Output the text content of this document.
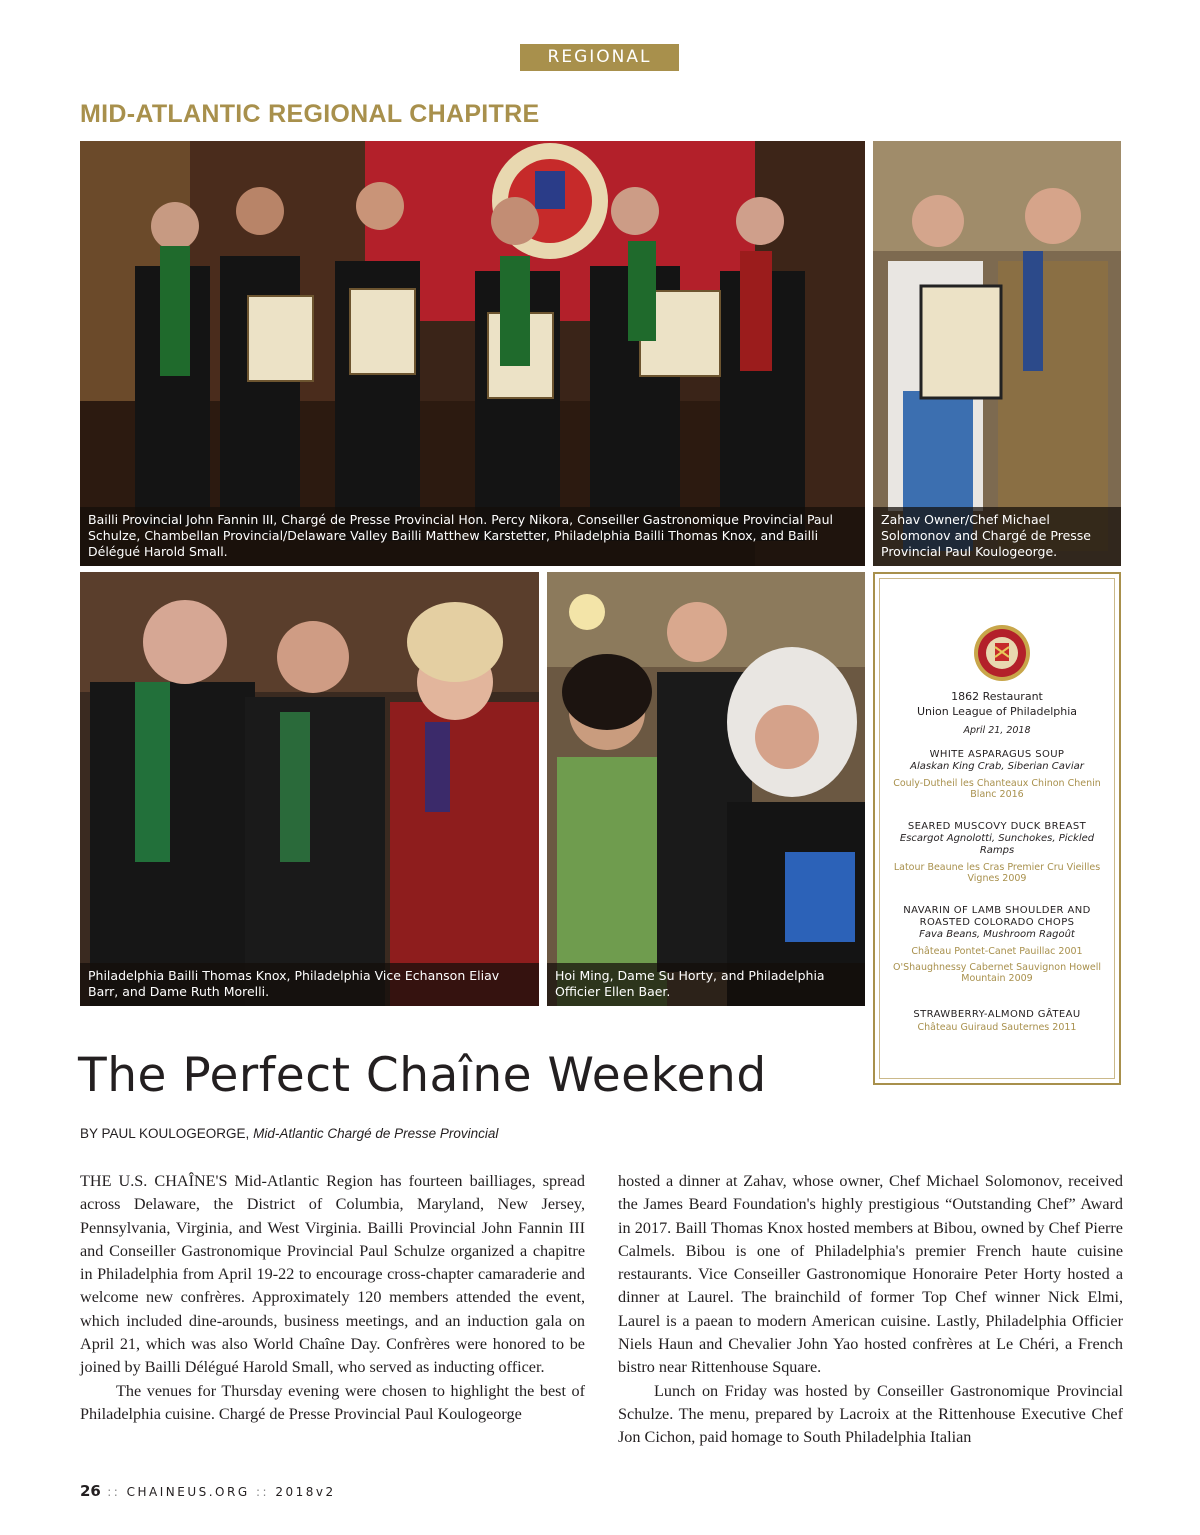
REGIONAL
MID-ATLANTIC REGIONAL CHAPITRE
Bailli Provincial John Fannin III, Chargé de Presse Provincial Hon. Percy Nikora, Conseiller Gastronomique Provincial Paul Schulze, Chambellan Provincial/Delaware Valley Bailli Matthew Karstetter, Philadelphia Bailli Thomas Knox, and Bailli Délégué Harold Small.
Zahav Owner/Chef Michael Solomonov and Chargé de Presse Provincial Paul Koulogeorge.
Philadelphia Bailli Thomas Knox, Philadelphia Vice Echanson Eliav Barr, and Dame Ruth Morelli.
Hoi Ming, Dame Su Horty, and Philadelphia Officier Ellen Baer.
1862 Restaurant
Union League of Philadelphia
April 21, 2018
WHITE ASPARAGUS SOUP
Alaskan King Crab, Siberian Caviar
Couly-Dutheil les Chanteaux Chinon Chenin Blanc 2016
SEARED MUSCOVY DUCK BREAST
Escargot Agnolotti, Sunchokes, Pickled Ramps
Latour Beaune les Cras Premier Cru Vieilles Vignes 2009
NAVARIN OF LAMB SHOULDER AND ROASTED COLORADO CHOPS
Fava Beans, Mushroom Ragoût
Château Pontet-Canet Pauillac 2001
O'Shaughnessy Cabernet Sauvignon Howell Mountain 2009
STRAWBERRY-ALMOND GÂTEAU
Château Guiraud Sauternes 2011
The Perfect Chaîne Weekend
BY PAUL KOULOGEORGE, Mid-Atlantic Chargé de Presse Provincial

THE U.S. CHAÎNE'S Mid-Atlantic Region has fourteen bailliages, spread across Delaware, the District of Columbia, Maryland, New Jersey, Pennsylvania, Virginia, and West Virginia. Bailli Provincial John Fannin III and Conseiller Gastronomique Provincial Paul Schulze organized a chapitre in Philadelphia from April 19-22 to encourage cross-chapter camaraderie and welcome new confrères. Approximately 120 members attended the event, which included dine-arounds, business meetings, and an induction gala on April 21, which was also World Chaîne Day. Confrères were honored to be joined by Bailli Délégué Harold Small, who served as inducting officer.

The venues for Thursday evening were chosen to highlight the best of Philadelphia cuisine. Chargé de Presse Provincial Paul Koulogeorge

hosted a dinner at Zahav, whose owner, Chef Michael Solomonov, received the James Beard Foundation's highly prestigious “Outstanding Chef” Award in 2017. Baill Thomas Knox hosted members at Bibou, owned by Chef Pierre Calmels. Bibou is one of Philadelphia's premier French haute cuisine restaurants. Vice Conseiller Gastronomique Honoraire Peter Horty hosted a dinner at Laurel. The brainchild of former Top Chef winner Nick Elmi, Laurel is a paean to modern American cuisine. Lastly, Philadelphia Officier Niels Haun and Chevalier John Yao hosted confrères at Le Chéri, a French bistro near Rittenhouse Square.

Lunch on Friday was hosted by Conseiller Gastronomique Provincial Schulze. The menu, prepared by Lacroix at the Rittenhouse Executive Chef Jon Cichon, paid homage to South Philadelphia Italian

26 :: CHAINEUS.ORG :: 2018v2
